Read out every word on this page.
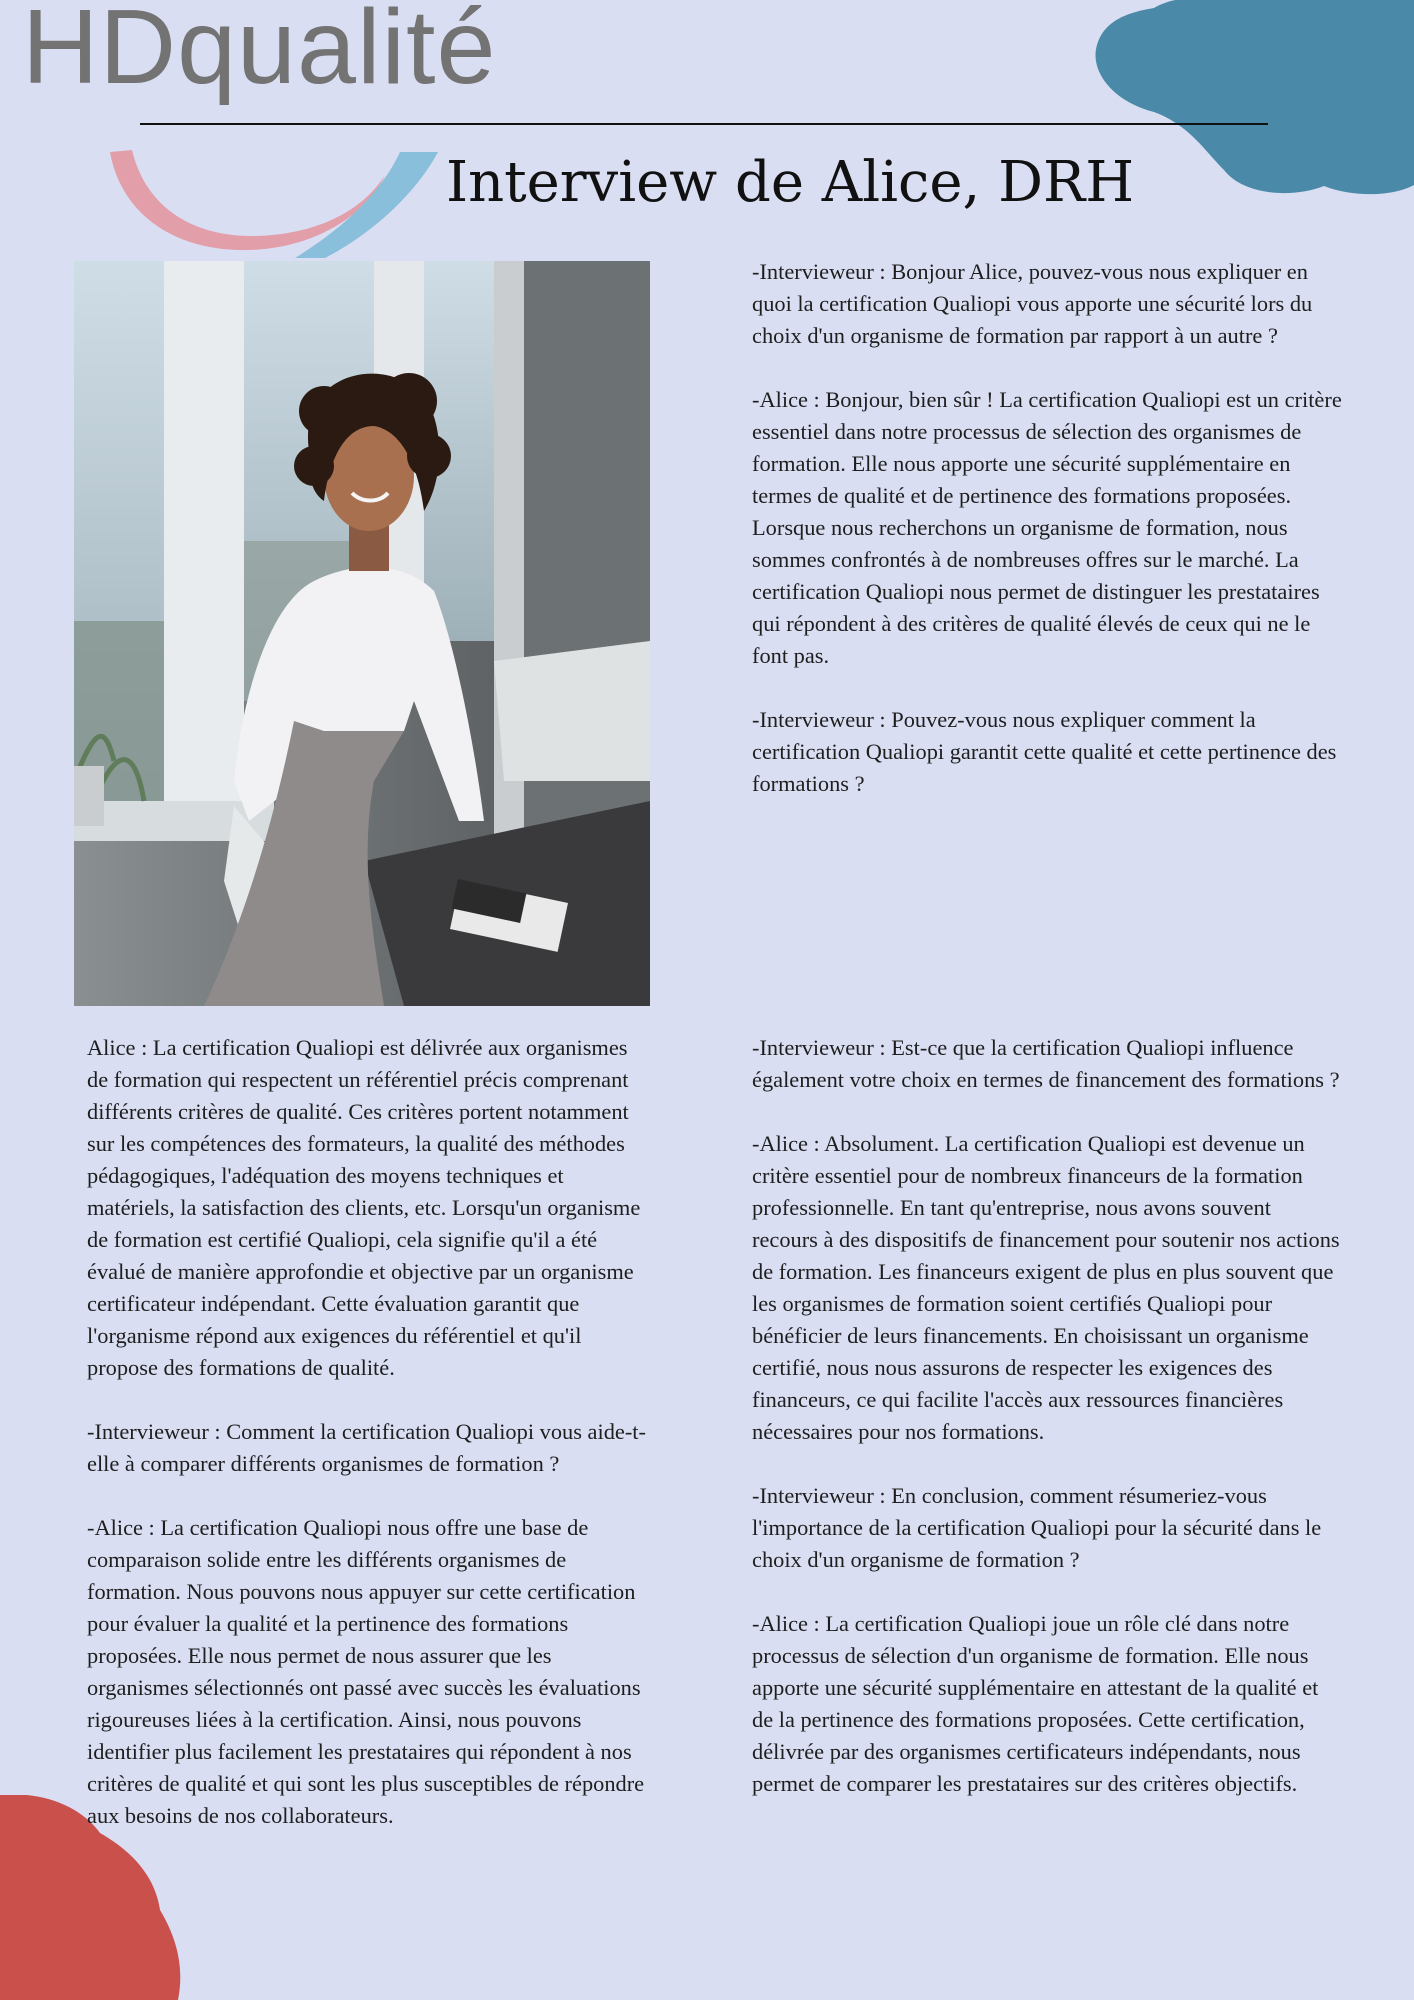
HDqualité
Interview de Alice, DRH

-Intervieweur : Bonjour Alice, pouvez-vous nous expliquer en quoi la certification Qualiopi vous apporte une sécurité lors du choix d'un organisme de formation par rapport à un autre ?

-Alice : Bonjour, bien sûr ! La certification Qualiopi est un critère essentiel dans notre processus de sélection des organismes de formation. Elle nous apporte une sécurité supplémentaire en termes de qualité et de pertinence des formations proposées. Lorsque nous recherchons un organisme de formation, nous sommes confrontés à de nombreuses offres sur le marché. La certification Qualiopi nous permet de distinguer les prestataires qui répondent à des critères de qualité élevés de ceux qui ne le font pas.

-Intervieweur : Pouvez-vous nous expliquer comment la certification Qualiopi garantit cette qualité et cette pertinence des formations ?

Alice : La certification Qualiopi est délivrée aux organismes de formation qui respectent un référentiel précis comprenant différents critères de qualité. Ces critères portent notamment sur les compétences des formateurs, la qualité des méthodes pédagogiques, l'adéquation des moyens techniques et matériels, la satisfaction des clients, etc. Lorsqu'un organisme de formation est certifié Qualiopi, cela signifie qu'il a été évalué de manière approfondie et objective par un organisme certificateur indépendant. Cette évaluation garantit que l'organisme répond aux exigences du référentiel et qu'il propose des formations de qualité.

-Intervieweur : Comment la certification Qualiopi vous aide-t-elle à comparer différents organismes de formation ?

-Alice : La certification Qualiopi nous offre une base de comparaison solide entre les différents organismes de formation. Nous pouvons nous appuyer sur cette certification pour évaluer la qualité et la pertinence des formations proposées. Elle nous permet de nous assurer que les organismes sélectionnés ont passé avec succès les évaluations rigoureuses liées à la certification. Ainsi, nous pouvons identifier plus facilement les prestataires qui répondent à nos critères de qualité et qui sont les plus susceptibles de répondre aux besoins de nos collaborateurs.

-Intervieweur : Est-ce que la certification Qualiopi influence également votre choix en termes de financement des formations ?

-Alice : Absolument. La certification Qualiopi est devenue un critère essentiel pour de nombreux financeurs de la formation professionnelle. En tant qu'entreprise, nous avons souvent recours à des dispositifs de financement pour soutenir nos actions de formation. Les financeurs exigent de plus en plus souvent que les organismes de formation soient certifiés Qualiopi pour bénéficier de leurs financements. En choisissant un organisme certifié, nous nous assurons de respecter les exigences des financeurs, ce qui facilite l'accès aux ressources financières nécessaires pour nos formations.

-Intervieweur : En conclusion, comment résumeriez-vous l'importance de la certification Qualiopi pour la sécurité dans le choix d'un organisme de formation ?

-Alice : La certification Qualiopi joue un rôle clé dans notre processus de sélection d'un organisme de formation. Elle nous apporte une sécurité supplémentaire en attestant de la qualité et de la pertinence des formations proposées. Cette certification, délivrée par des organismes certificateurs indépendants, nous permet de comparer les prestataires sur des critères objectifs.
